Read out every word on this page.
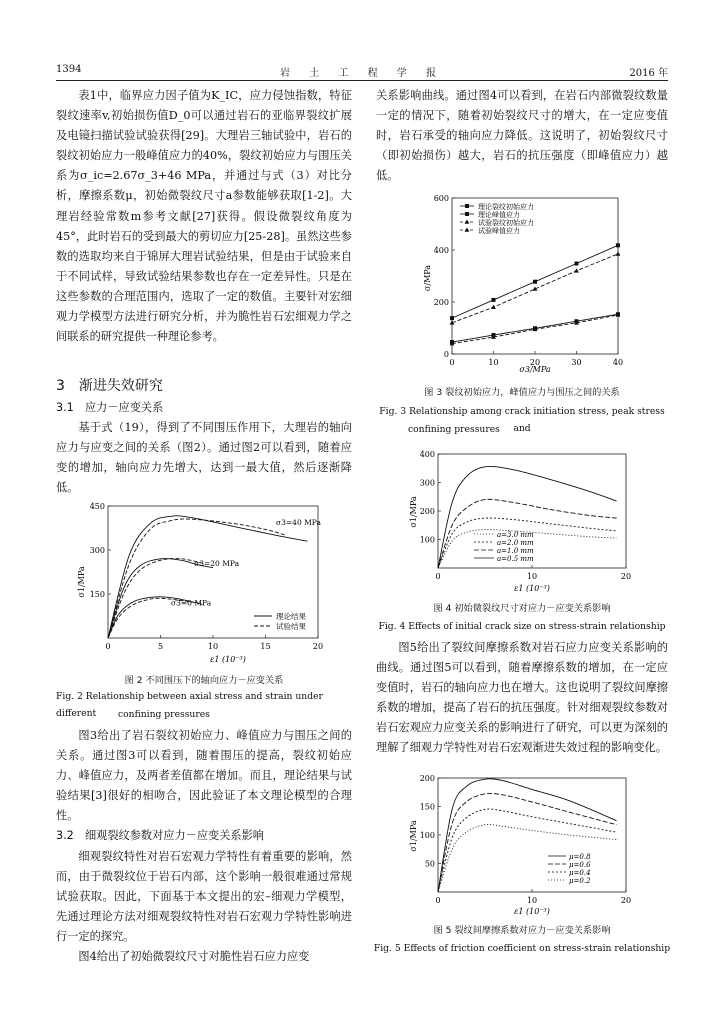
1394	岩 土 工 程 学 报	2016 年

表1中，临界应力因子值为K_IC，应力侵蚀指数，特征裂纹速率v,初始损伤值D_0可以通过岩石的亚临界裂纹扩展及电镜扫描试验试验获得[29]。大理岩三轴试验中，岩石的裂纹初始应力一般峰值应力的40%，裂纹初始应力与围压关系为σ_ic=2.67σ_3+46 MPa，并通过与式（3）对比分析，摩擦系数μ，初始微裂纹尺寸a参数能够获取[1-2]。大理岩经验常数m参考文献[27]获得。假设微裂纹角度为45°，此时岩石的受到最大的剪切应力[25-28]。虽然这些参数的选取均来自于锦屏大理岩试验结果，但是由于试验来自于不同试样，导致试验结果参数也存在一定差异性。只是在这些参数的合理范围内，选取了一定的数值。主要针对宏细观力学模型方法进行研究分析，并为脆性岩石宏细观力学之间联系的研究提供一种理论参考。

3　渐进失效研究

3.1　应力－应变关系

基于式（19），得到了不同围压作用下，大理岩的轴向应力与应变之间的关系（图2）。通过图2可以看到，随着应变的增加，轴向应力先增大，达到一最大值，然后逐渐降低。

0	5	10	15	20
150
300
450
σ1/MPa
ε1 (10⁻³)
σ3=40 MPa
σ3=20 MPa
σ3=0 MPa
理论结果
试验结果

图 2 不同围压下的轴向应力－应变关系

Fig. 2 Relationship between axial stress and strain under different	confining pressures

图3给出了岩石裂纹初始应力、峰值应力与围压之间的关系。通过图3可以看到，随着围压的提高，裂纹初始应力、峰值应力，及两者差值都在增加。而且，理论结果与试验结果[3]很好的相吻合，因此验证了本文理论模型的合理性。

3.2　细观裂纹参数对应力－应变关系影响

细观裂纹特性对岩石宏观力学特性有着重要的影响，然而，由于微裂纹位于岩石内部，这个影响一般很难通过常规试验获取。因此，下面基于本文提出的宏–细观力学模型，先通过理论方法对细观裂纹特性对岩石宏观力学特性影响进行一定的探究。

图4给出了初始微裂纹尺寸对脆性岩石应力应变

关系影响曲线。通过图4可以看到，在岩石内部微裂纹数量一定的情况下，随着初始裂纹尺寸的增大，在一定应变值时，岩石承受的轴向应力降低。这说明了，初始裂纹尺寸（即初始损伤）越大，岩石的抗压强度（即峰值应力）越低。

0	10	20	30	40
0
200
400
600
σ/MPa
σ3/MPa
理论裂纹初始应力
理论峰值应力
试验裂纹初始应力
试验峰值应力

图 3 裂纹初始应力，峰值应力与围压之间的关系

Fig. 3 Relationship among crack initiation stress, peak stress and

confining pressures

0	10	20
100
200
300
400
σ1/MPa
ε1 (10⁻³)
a=3.0 mm
a=2.0 mm
a=1.0 mm
a=0.5 mm

图 4 初始微裂纹尺寸对应力－应变关系影响

Fig. 4 Effects of initial crack size on stress-strain relationship

图5给出了裂纹间摩擦系数对岩石应力应变关系影响的曲线。通过图5可以看到，随着摩擦系数的增加，在一定应变值时，岩石的轴向应力也在增大。这也说明了裂纹间摩擦系数的增加，提高了岩石的抗压强度。针对细观裂纹参数对岩石宏观应力应变关系的影响进行了研究，可以更为深刻的理解了细观力学特性对岩石宏观渐进失效过程的影响变化。

0	10	20
50
100
150
200
σ1/MPa
ε1 (10⁻³)
μ=0.8
μ=0.6
μ=0.4
μ=0.2

图 5 裂纹间摩擦系数对应力－应变关系影响

Fig. 5 Effects of friction coefficient on stress-strain relationship
